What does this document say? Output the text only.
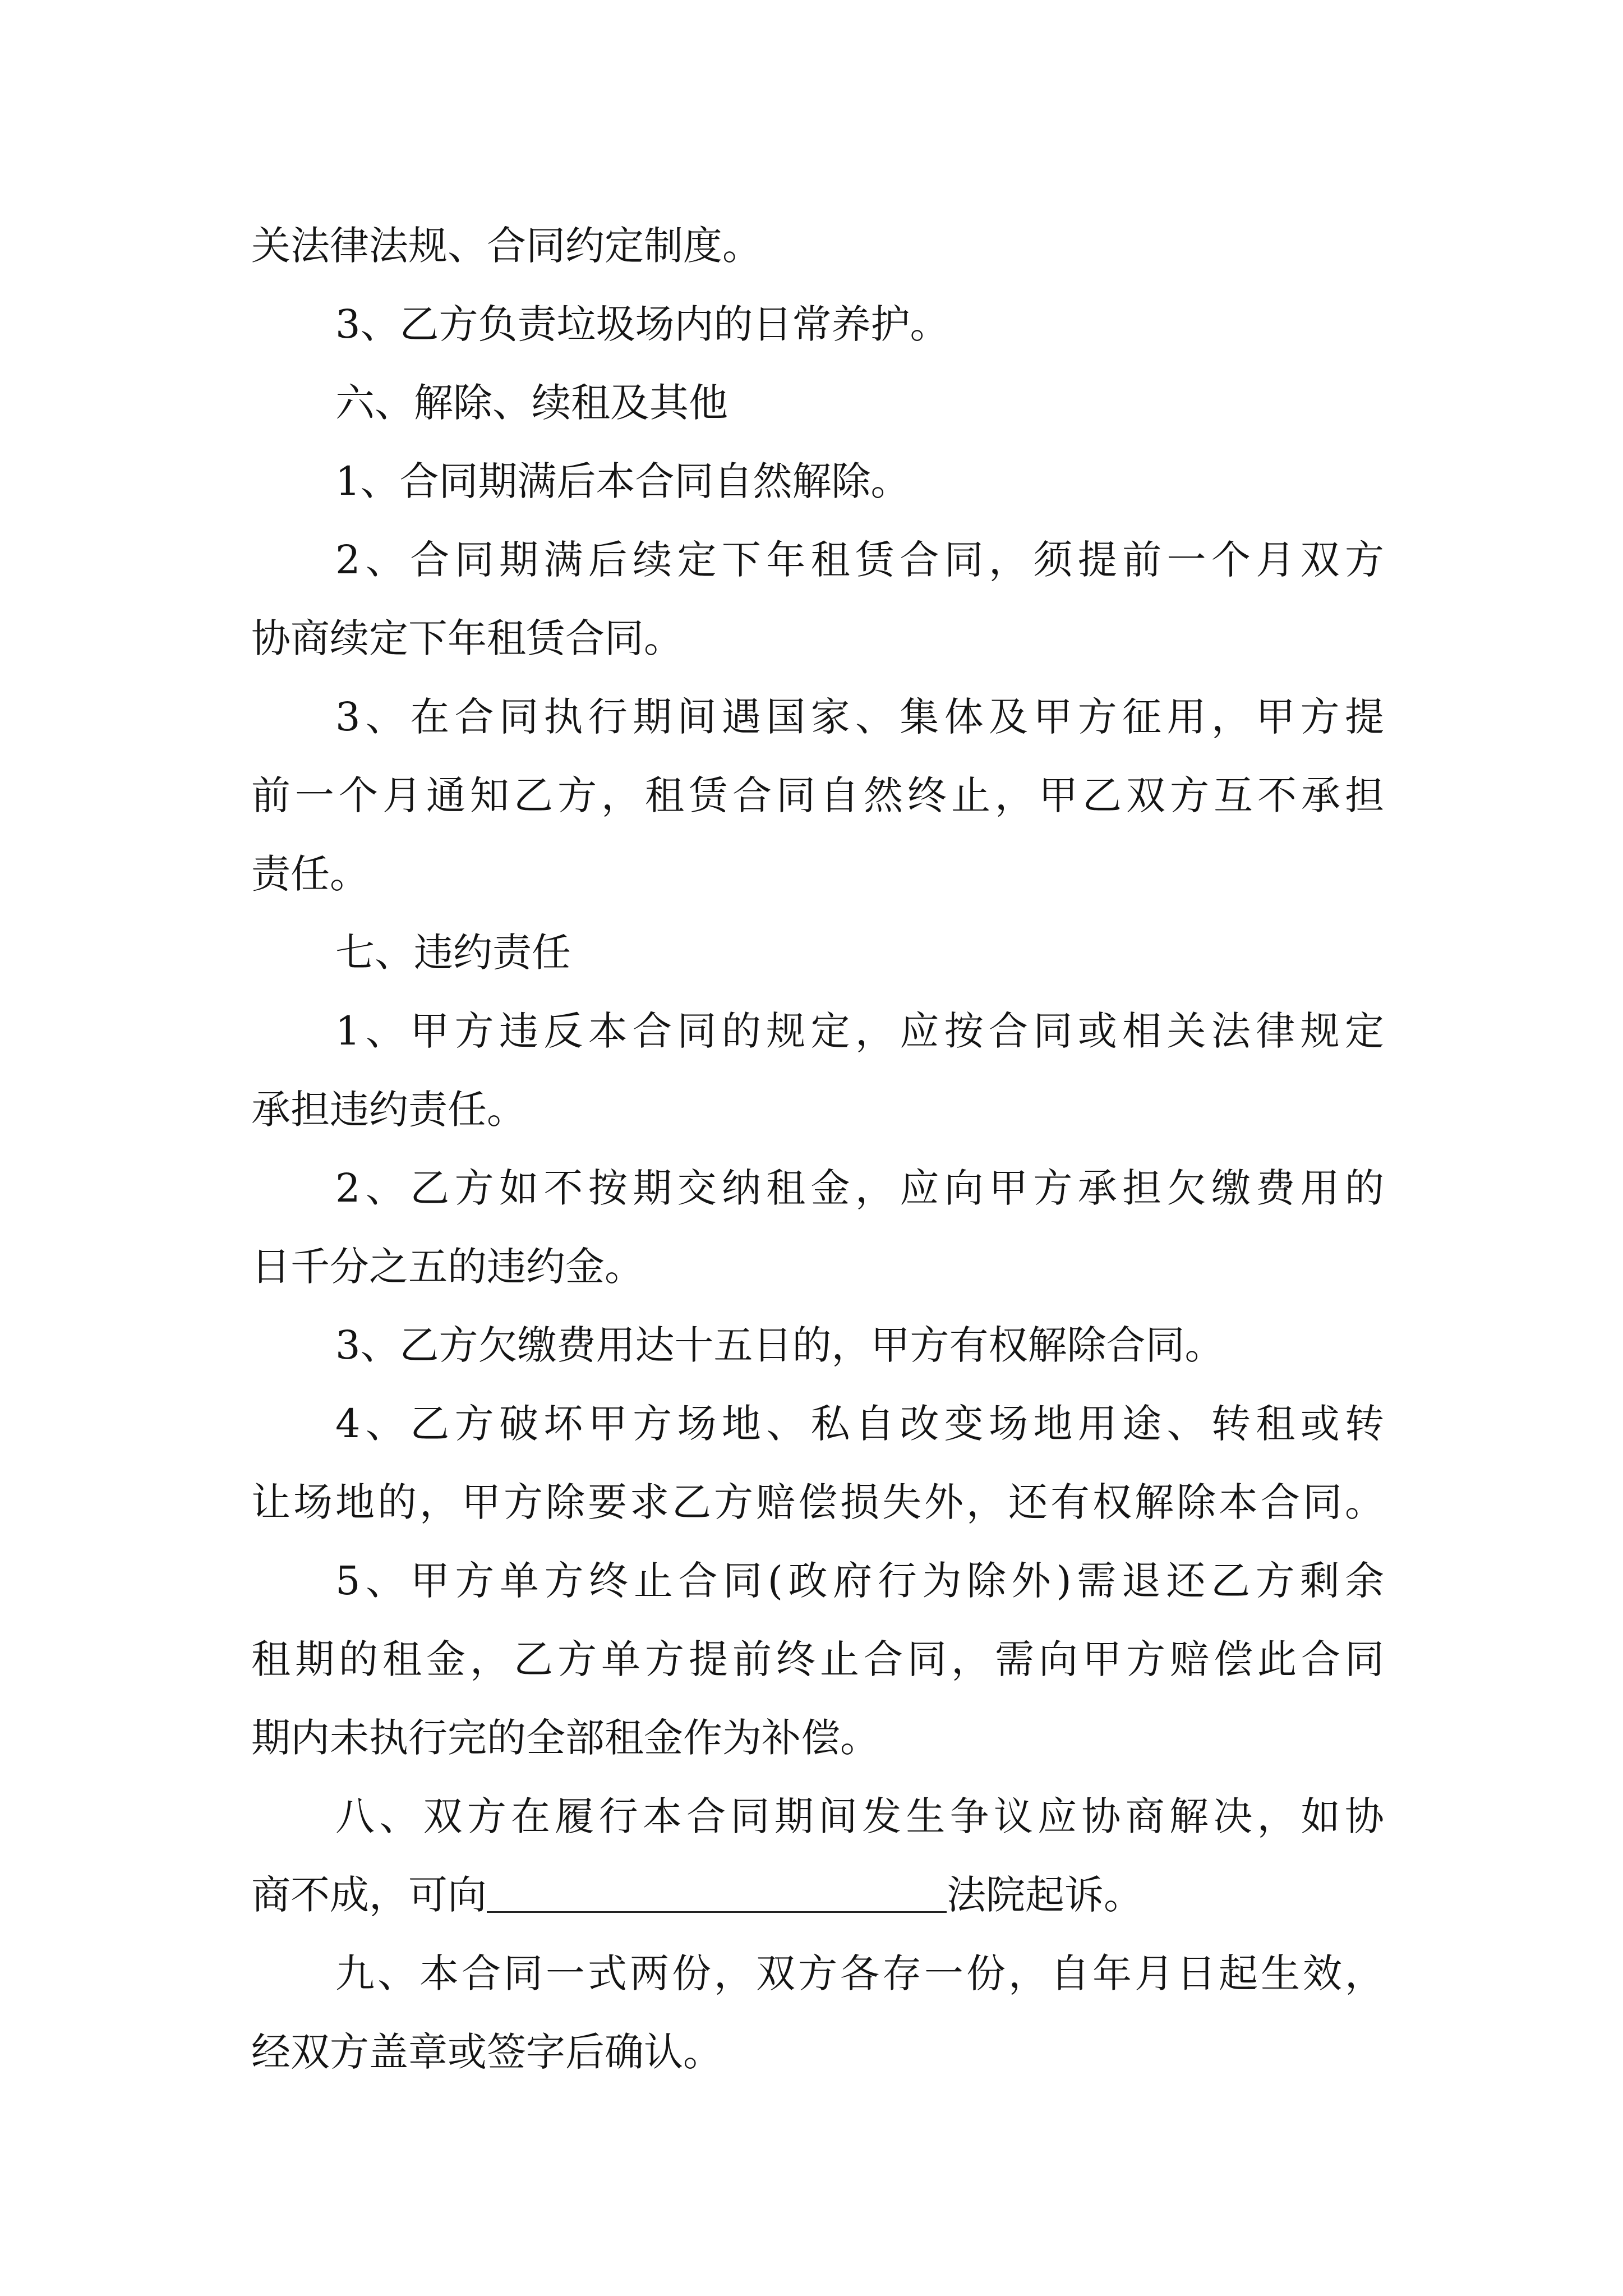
关法律法规、合同约定制度。
3、乙方负责垃圾场内的日常养护。
六、解除、续租及其他
1、合同期满后本合同自然解除。
2、合同期满后续定下年租赁合同，须提前一个月双方
协商续定下年租赁合同。
3、在合同执行期间遇国家、集体及甲方征用，甲方提
前一个月通知乙方，租赁合同自然终止，甲乙双方互不承担
责任。
七、违约责任
1、甲方违反本合同的规定，应按合同或相关法律规定
承担违约责任。
2、乙方如不按期交纳租金，应向甲方承担欠缴费用的
日千分之五的违约金。
3、乙方欠缴费用达十五日的，甲方有权解除合同。
4、乙方破坏甲方场地、私自改变场地用途、转租或转
让场地的，甲方除要求乙方赔偿损失外，还有权解除本合同。
5、甲方单方终止合同(政府行为除外)需退还乙方剩余
租期的租金，乙方单方提前终止合同，需向甲方赔偿此合同
期内未执行完的全部租金作为补偿。
八、双方在履行本合同期间发生争议应协商解决，如协
商不成，可向	法院起诉。
九、本合同一式两份，双方各存一份，自年月日起生效，
经双方盖章或签字后确认。
